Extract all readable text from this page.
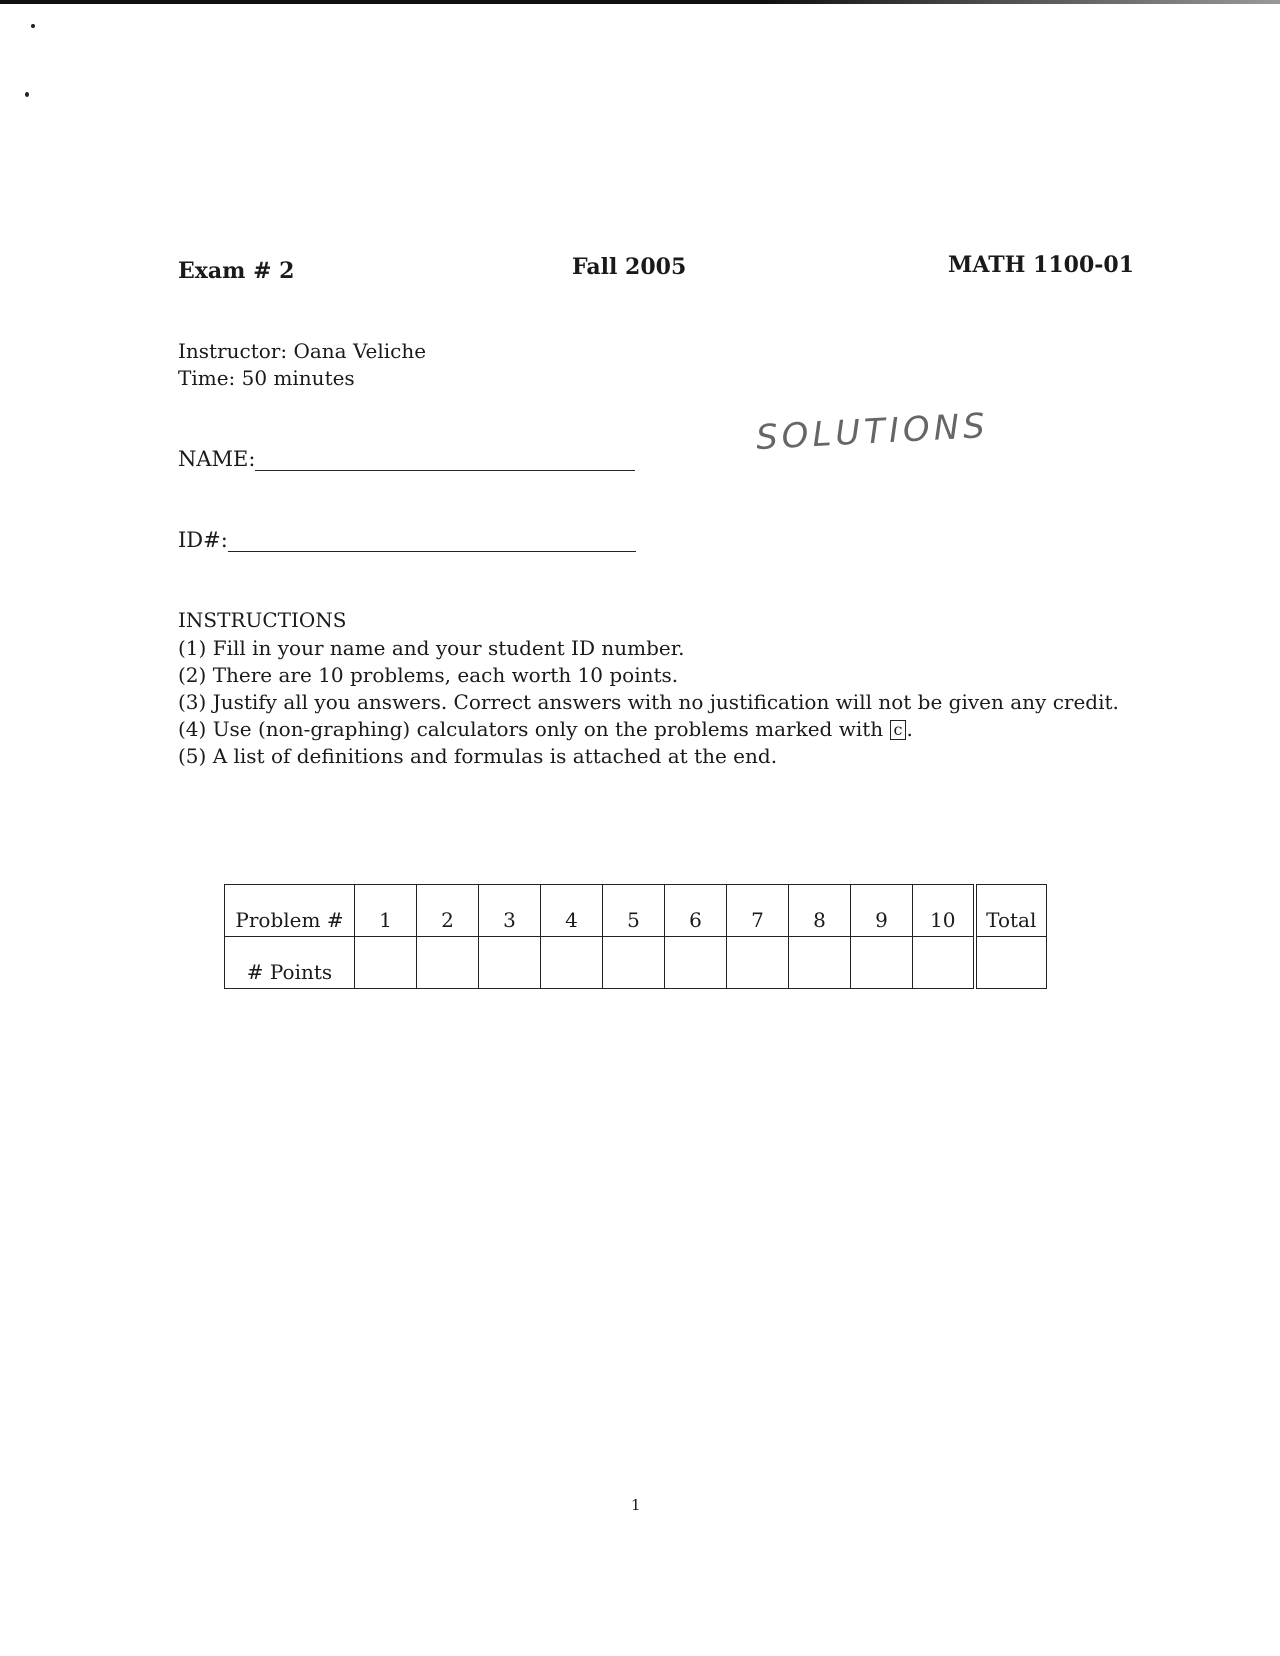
Exam # 2	Fall 2005	MATH 1100-01
Instructor: Oana Veliche
Time: 50 minutes
NAME:
SOLUTIONS
ID#:
INSTRUCTIONS
(1) Fill in your name and your student ID number.
(2) There are 10 problems, each worth 10 points.
(3) Justify all you answers. Correct answers with no justification will not be given any credit.
(4) Use (non-graphing) calculators only on the problems marked with c .
(5) A list of definitions and formulas is attached at the end.
Problem #	1	2	3	4	5	6	7	8	9	10	Total
# Points											
1
